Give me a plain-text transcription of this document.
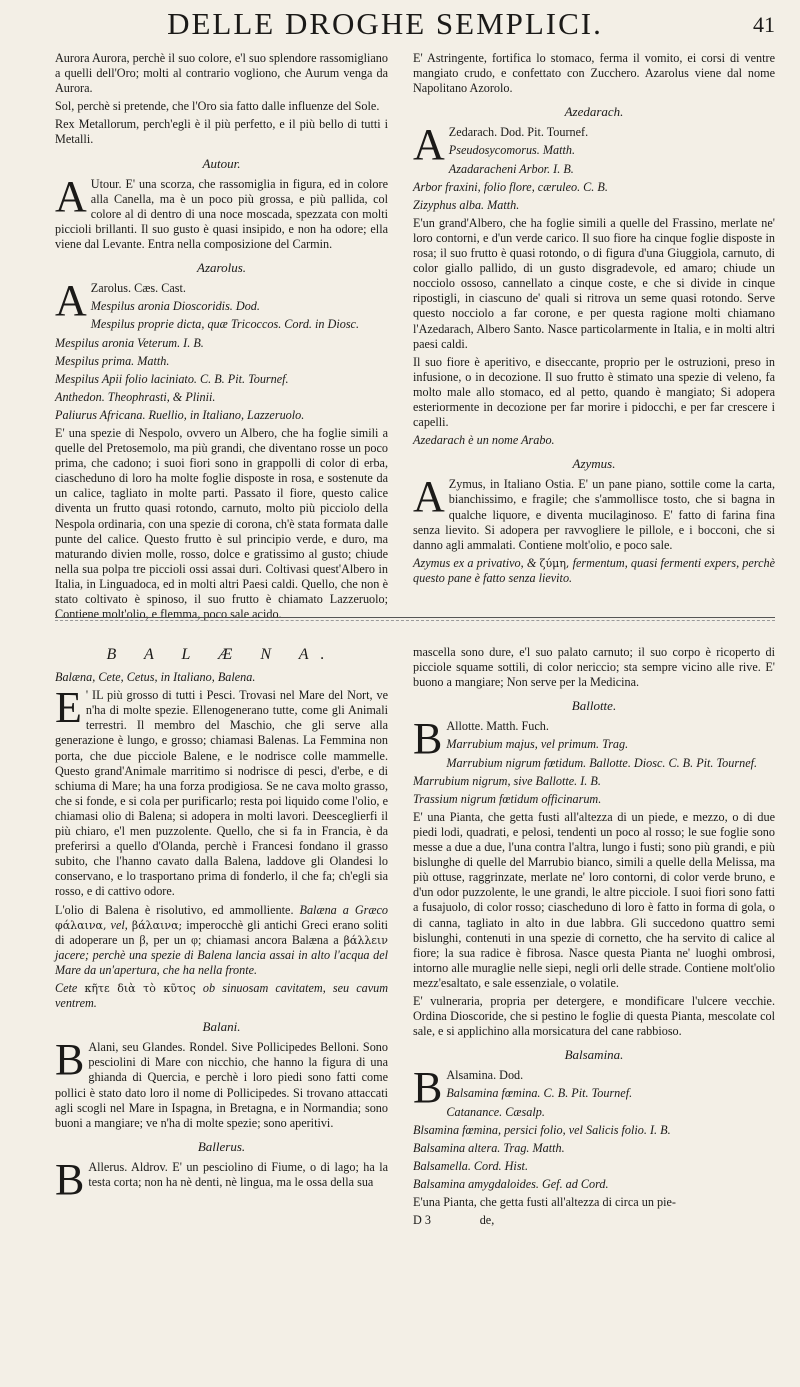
DELLE DROGHE SEMPLICI.	41

Aurora Aurora, perchè il suo colore, e'l suo splendore rassomigliano a quelli dell'Oro; molti al contrario vogliono, che Aurum venga da Aurora.

Sol, perchè si pretende, che l'Oro sia fatto dalle influenze del Sole.

Rex Metallorum, perch'egli è il più perfetto, e il più bello di tutti i Metalli.

Autour.

A Utour. E' una scorza, che rassomiglia in figura, ed in colore alla Canella, ma è un poco più grossa, e più pallida, col colore al di dentro di una noce moscada, spezzata con molti piccioli brillanti. Il suo gusto è quasi insipido, e non ha odore; ella viene dal Levante. Entra nella composizione del Carmin.

Azarolus.

A Zarolus. Cæs. Cast.

Mespilus aronia Dioscoridis. Dod.

Mespilus proprie dicta, quæ Tricoccos. Cord. in Diosc.

Mespilus aronia Veterum. I. B.

Mespilus prima. Matth.

Mespilus Apii folio laciniato. C. B. Pit. Tournef.

Anthedon. Theophrasti, & Plinii.

Paliurus Africana. Ruellio, in Italiano, Lazzeruolo.

E' una spezie di Nespolo, ovvero un Albero, che ha foglie simili a quelle del Pretosemolo, ma più grandi, che diventano rosse un poco prima, che cadono; i suoi fiori sono in grappolli di color di erba, ciascheduno di loro ha molte foglie disposte in rosa, e sostenute da un calice, tagliato in molte parti. Passato il fiore, questo calice diventa un frutto quasi rotondo, carnuto, molto più picciolo della Nespola ordinaria, con una spezie di corona, ch'è stata formata dalle punte del calice. Questo frutto è sul principio verde, e duro, ma maturando divien molle, rosso, dolce e gratissimo al gusto; chiude nella sua polpa tre piccioli ossi assai duri. Coltivasi quest'Albero in Italia, in Linguadoca, ed in molti altri Paesi caldi. Quello, che non è stato coltivato è spinoso, il suo frutto è chiamato Lazzeruolo; Contiene molt'olio, e flemma, poco sale acido.

E' Astringente, fortifica lo stomaco, ferma il vomito, ei corsi di ventre mangiato crudo, e confettato con Zucchero. Azarolus viene dal nome Napolitano Azorolo.

Azedarach.

A Zedarach. Dod. Pit. Tournef.

Pseudosycomorus. Matth.

Azadaracheni Arbor. I. B.

Arbor fraxini, folio flore, cæruleo. C. B.

Zizyphus alba. Matth.

E'un grand'Albero, che ha foglie simili a quelle del Frassino, merlate ne' loro contorni, e d'un verde carico. Il suo fiore ha cinque foglie disposte in rosa; il suo frutto è quasi rotondo, o di figura d'una Giuggiola, carnuto, di color giallo pallido, di un gusto disgradevole, ed amaro; chiude un nocciolo ossoso, cannellato a cinque coste, e che si divide in cinque ripostigli, in ciascuno de' quali si ritrova un seme quasi rotondo. Serve questo nocciolo a far corone, e per questa ragione molti chiamano l'Azedarach, Albero Santo. Nasce particolarmente in Italia, e in molti altri paesi caldi.

Il suo fiore è aperitivo, e diseccante, proprio per le ostruzioni, preso in infusione, o in decozione. Il suo frutto è stimato una spezie di veleno, fa molto male allo stomaco, ed al petto, quando è mangiato; Si adopera esteriormente in decozione per far morire i pidocchi, e per far crescere i capelli.

Azedarach è un nome Arabo.

Azymus.

A Zymus, in Italiano Ostia. E' un pane piano, sottile come la carta, bianchissimo, e fragile; che s'ammollisce tosto, che si bagna in qualche liquore, e diventa mucilaginoso. E' fatto di farina fina senza lievito. Si adopera per ravvogliere le pillole, e i bocconi, che si danno agli ammalati. Contiene molt'olio, e poco sale.

Azymus ex a privativo, & ζύμη, fermentum, quasi fermenti expers, perchè questo pane è fatto senza lievito.

B A L Æ N A.

Balæna, Cete, Cetus, in Italiano, Balena.

E ' IL più grosso di tutti i Pesci. Trovasi nel Mare del Nort, ve n'ha di molte spezie. Ellenogenerano tutte, come gli Animali terrestri. Il membro del Maschio, che gli serve alla generazione è lungo, e grosso; chiamasi Balenas. La Femmina non porta, che due picciole Balene, e le nodrisce colle mammelle. Questo grand'Animale marritimo si nodrisce di pesci, d'erbe, e di schiuma di Mare; ha una forza prodigiosa. Se ne cava molto grasso, che si fonde, e si cola per purificarlo; resta poi liquido come l'olio, e chiamasi olio di Balena; si adopera in molti lavori. Deesceglierfi il più chiaro, e'l men puzzolente. Quello, che si fa in Francia, è da preferirsi a quello d'Olanda, perchè i Francesi fondano il grasso subito, che l'hanno cavato dalla Balena, laddove gli Olandesi lo conservano, e lo trasportano prima di fonderlo, il che fa; ch'egli sia rosso, e di cattivo odore.

L'olio di Balena è risolutivo, ed ammolliente. Balæna a Græco φάλαινα, vel, βάλαινα; imperocchè gli antichi Greci erano soliti di adoperare un β, per un φ; chiamasi ancora Balæna a βάλλειν jacere; perchè una spezie di Balena lancia assai in alto l'acqua del Mare da un'apertura, che ha nella fronte.

Cete κῆτε διὰ τὸ κῦτος ob sinuosam cavitatem, seu cavum ventrem.

Balani.

B Alani, seu Glandes. Rondel. Sive Pollicipedes Belloni. Sono pesciolini di Mare con nicchio, che hanno la figura di una ghianda di Quercia, e perchè i loro piedi sono fatti come pollici è stato dato loro il nome di Pollicipedes. Si trovano attaccati agli scogli nel Mare in Ispagna, in Bretagna, e in Normandia; sono buoni a mangiare; ve n'ha di molte spezie; sono aperitivi.

Ballerus.

B Allerus. Aldrov. E' un pesciolino di Fiume, o di lago; ha la testa corta; non ha nè denti, nè lingua, ma le ossa della sua

mascella sono dure, e'l suo palato carnuto; il suo corpo è ricoperto di picciole squame sottili, di color nericcio; sta sempre vicino alle rive. E' buono a mangiare; Non serve per la Medicina.

Ballotte.

B Allotte. Matth. Fuch.

Marrubium majus, vel primum. Trag.

Marrubium nigrum fœtidum. Ballotte. Diosc. C. B. Pit. Tournef.

Marrubium nigrum, sive Ballotte. I. B.

Trassium nigrum fœtidum officinarum.

E' una Pianta, che getta fusti all'altezza di un piede, e mezzo, o di due piedi lodi, quadrati, e pelosi, tendenti un poco al rosso; le sue foglie sono messe a due a due, l'una contra l'altra, lungo i fusti; sono più grandi, e più bislunghe di quelle del Marrubio bianco, simili a quelle della Melissa, ma più ottuse, raggrinzate, merlate ne' loro contorni, di color verde bruno, e d'un odor puzzolente, le une grandi, le altre picciole. I suoi fiori sono fatti a fusajuolo, di color rosso; ciascheduno di loro è fatto in forma di gola, o di canna, tagliato in alto in due labbra. Gli succedono quattro semi bislunghi, contenuti in una spezie di cornetto, che ha servito di calice al fiore; la sua radice è fibrosa. Nasce questa Pianta ne' luoghi ombrosi, intorno alle muraglie nelle siepi, negli orli delle strade. Contiene molt'olio mezz'esaltato, e sale essenziale, o volatile.

E' vulneraria, propria per detergere, e mondificare l'ulcere vecchie. Ordina Dioscoride, che si pestino le foglie di questa Pianta, mescolate col sale, e si applichino alla morsicatura del cane rabbioso.

Balsamina.

B Alsamina. Dod.

Balsamina fœmina. C. B. Pit. Tournef.

Catanance. Cæsalp.

Blsamina fœmina, persici folio, vel Salicis folio. I. B.

Balsamina altera. Trag. Matth.

Balsamella. Cord. Hist.

Balsamina amygdaloides. Gef. ad Cord.

E'una Pianta, che getta fusti all'altezza di circa un pie-

D 3	de,
